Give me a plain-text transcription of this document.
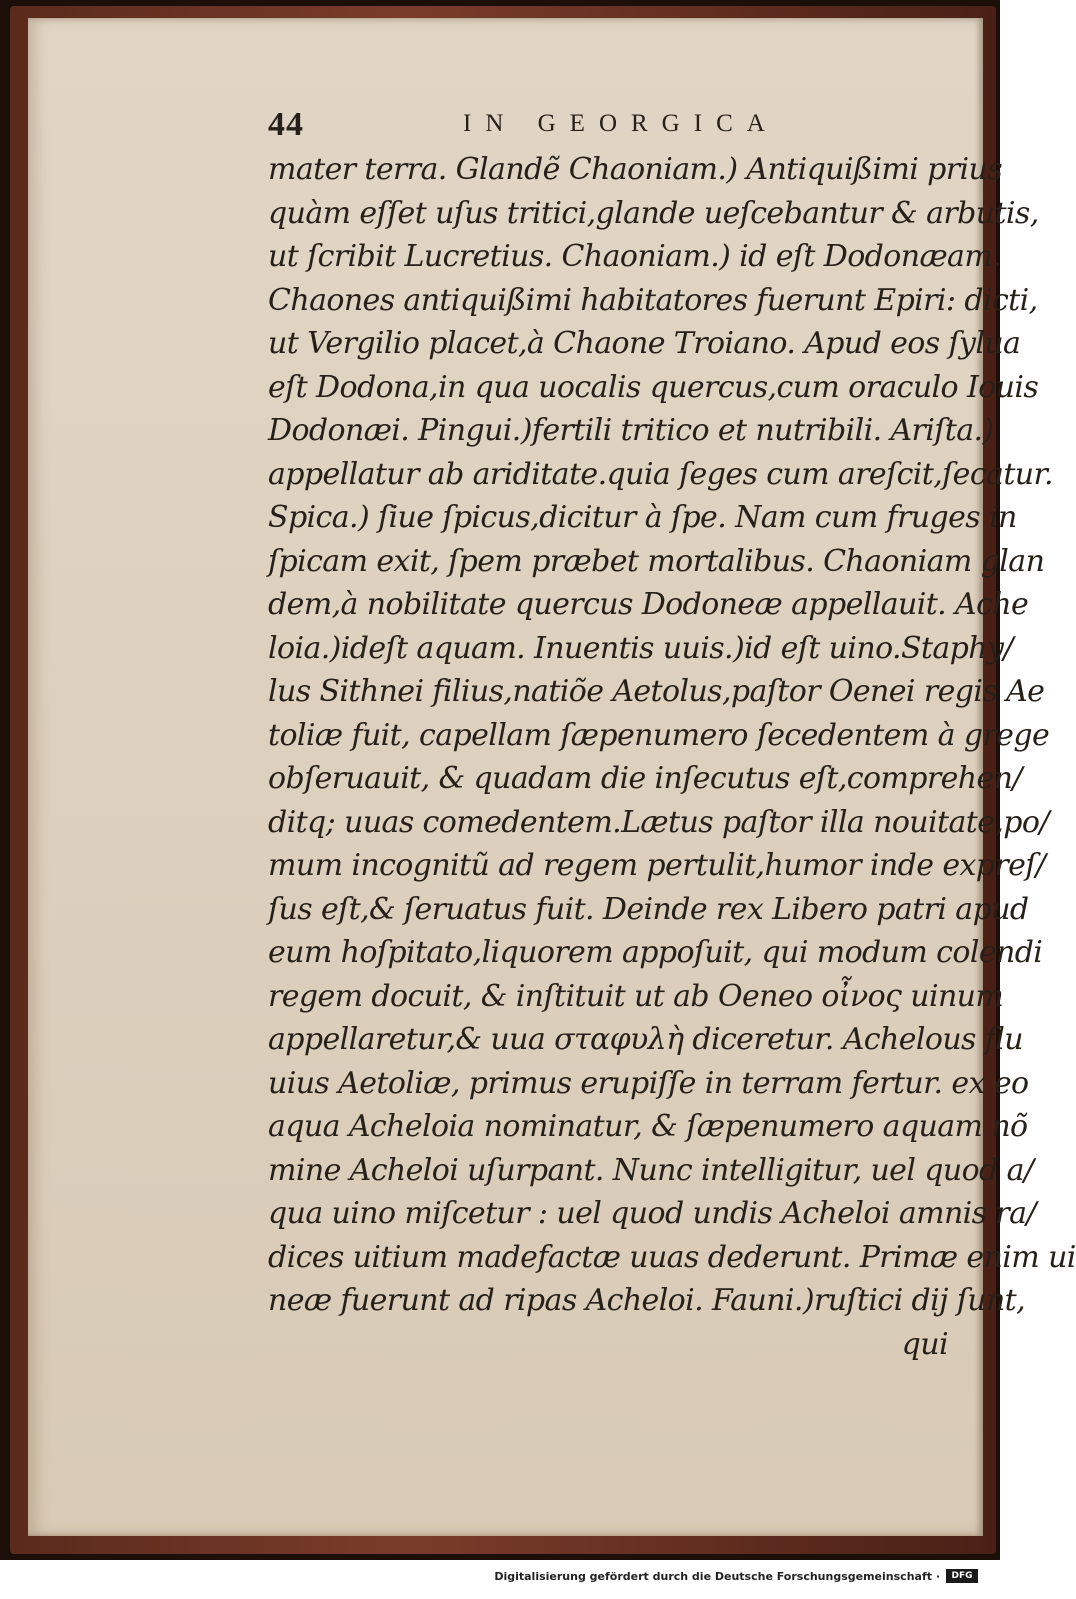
44	IN GEORGICA
mater terra. Glandẽ Chaoniam.) Antiquißimi prius
quàm eſſet uſus tritici,glande ueſcebantur & arbutis,
ut ſcribit Lucretius. Chaoniam.) id eſt Dodonæam.
Chaones antiquißimi habitatores fuerunt Epiri: dicti,
ut Vergilio placet,à Chaone Troiano. Apud eos ſylua
eſt Dodona,in qua uocalis quercus,cum oraculo Iouis
Dodonæi. Pingui.)fertili tritico et nutribili. Ariſta.)
appellatur ab ariditate.quia ſeges cum areſcit,ſecatur.
Spica.) ſiue ſpicus,dicitur à ſpe. Nam cum fruges in
ſpicam exit, ſpem præbet mortalibus. Chaoniam glan
dem,à nobilitate quercus Dodoneæ appellauit. Ache
loia.)ideſt aquam. Inuentis uuis.)id eſt uino.Staphy/
lus Sithnei filius,natiõe Aetolus,paſtor Oenei regis Ae
toliæ fuit, capellam ſæpenumero ſecedentem à grege
obſeruauit, & quadam die inſecutus eſt,comprehen/
ditq; uuas comedentem.Lætus paſtor illa nouitate,po/
mum incognitũ ad regem pertulit,humor inde expreſ/
ſus eſt,& ſeruatus fuit. Deinde rex Libero patri apud
eum hoſpitato,liquorem appoſuit, qui modum colendi
regem docuit, & inſtituit ut ab Oeneo οἶνος uinum
appellaretur,& uua σταφυλὴ diceretur. Achelous flu
uius Aetoliæ, primus erupiſſe in terram fertur. ex eo
aqua Acheloia nominatur, & ſæpenumero aquam nõ
mine Acheloi uſurpant. Nunc intelligitur, uel quod a/
qua uino miſcetur : uel quod undis Acheloi amnis ra/
dices uitium madefactæ uuas dederunt. Primæ enim ui
neæ fuerunt ad ripas Acheloi. Fauni.)ruſtici dij ſunt,
qui
Digitalisierung gefördert durch die Deutsche Forschungsgemeinschaft ·	DFG
